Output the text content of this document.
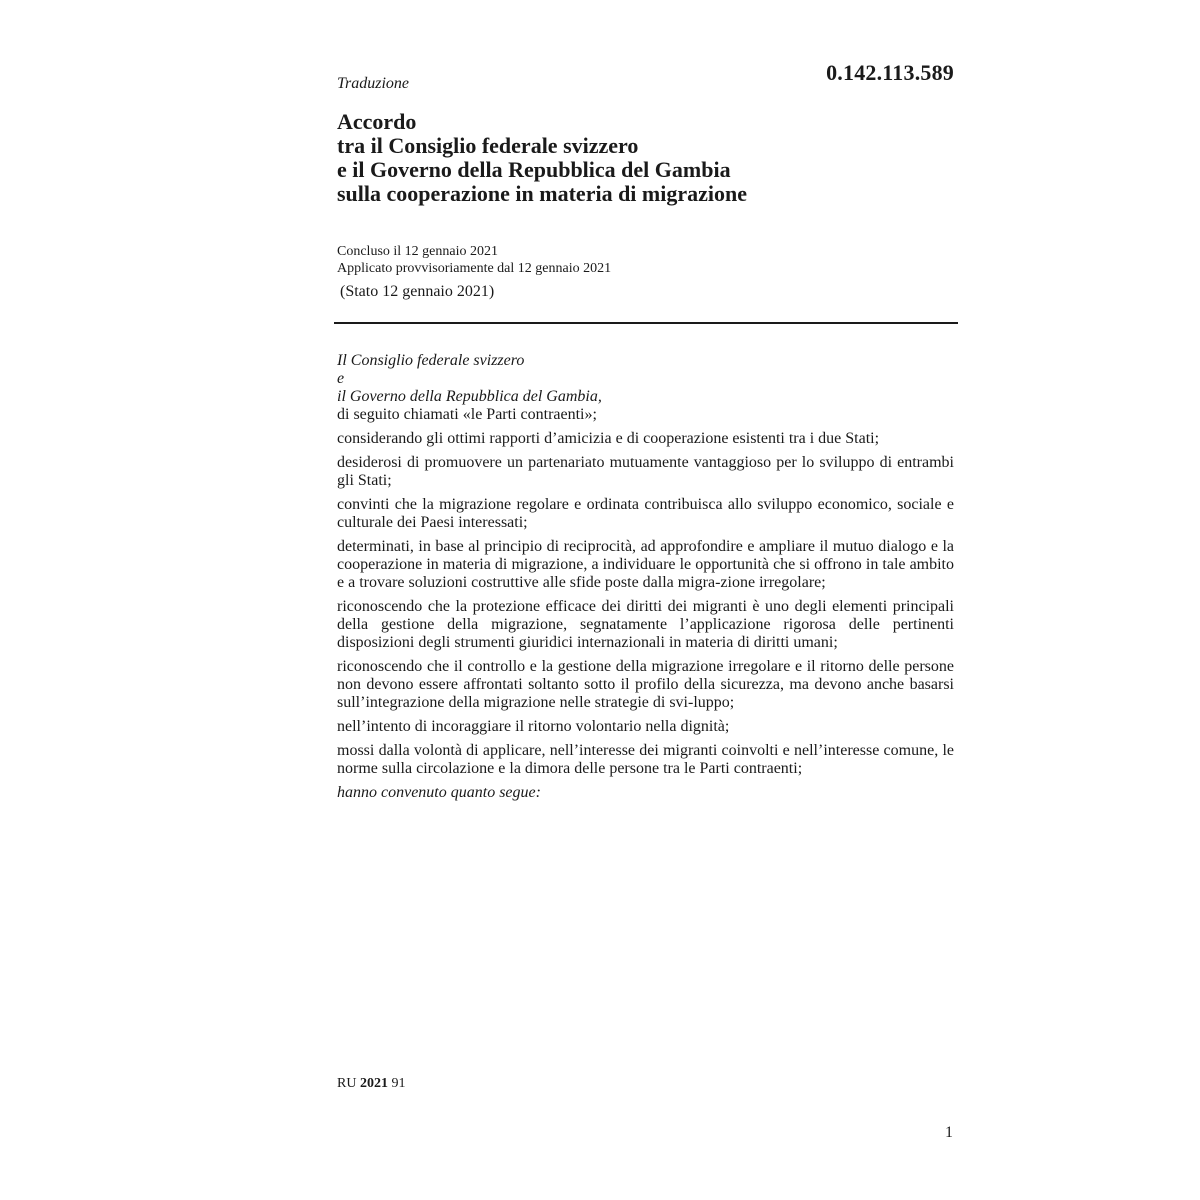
0.142.113.589
Traduzione
Accordo
tra il Consiglio federale svizzero
e il Governo della Repubblica del Gambia
sulla cooperazione in materia di migrazione
Concluso il 12 gennaio 2021
Applicato provvisoriamente dal 12 gennaio 2021
(Stato 12 gennaio 2021)

Il Consiglio federale svizzero
e
il Governo della Repubblica del Gambia,
di seguito chiamati «le Parti contraenti»;

considerando gli ottimi rapporti d’amicizia e di cooperazione esistenti tra i due Stati;

desiderosi di promuovere un partenariato mutuamente vantaggioso per lo sviluppo di entrambi gli Stati;

convinti che la migrazione regolare e ordinata contribuisca allo sviluppo economico, sociale e culturale dei Paesi interessati;

determinati, in base al principio di reciprocità, ad approfondire e ampliare il mutuo dialogo e la cooperazione in materia di migrazione, a individuare le opportunità che si offrono in tale ambito e a trovare soluzioni costruttive alle sfide poste dalla migra-zione irregolare;

riconoscendo che la protezione efficace dei diritti dei migranti è uno degli elementi principali della gestione della migrazione, segnatamente l’applicazione rigorosa delle pertinenti disposizioni degli strumenti giuridici internazionali in materia di diritti umani;

riconoscendo che il controllo e la gestione della migrazione irregolare e il ritorno delle persone non devono essere affrontati soltanto sotto il profilo della sicurezza, ma devono anche basarsi sull’integrazione della migrazione nelle strategie di svi-luppo;

nell’intento di incoraggiare il ritorno volontario nella dignità;

mossi dalla volontà di applicare, nell’interesse dei migranti coinvolti e nell’interesse comune, le norme sulla circolazione e la dimora delle persone tra le Parti contraenti;

hanno convenuto quanto segue:

RU 2021 91
1
